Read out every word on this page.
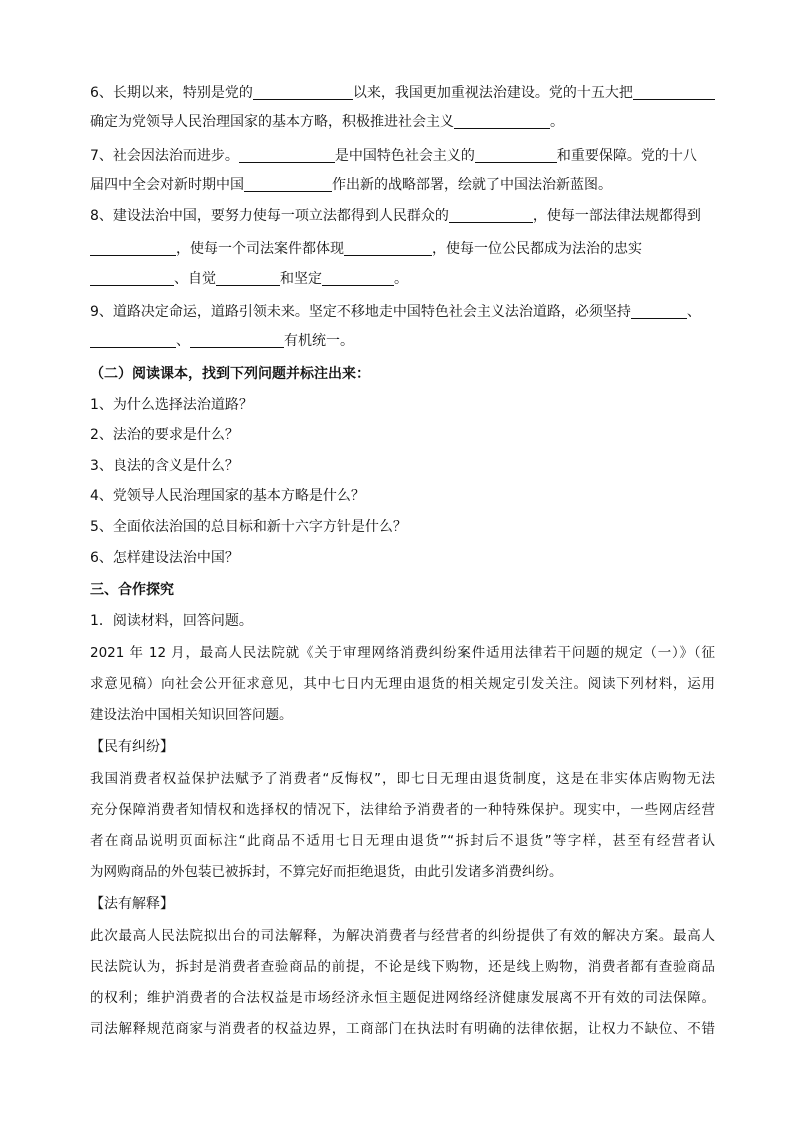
6、长期以来，特别是党的	以来，我国更加重视法治建设。党的十五大把
确定为党领导人民治理国家的基本方略，积极推进社会主义	。
7、社会因法治而进步。	是中国特色社会主义的	和重要保障。党的十八
届四中全会对新时期中国	作出新的战略部署，绘就了中国法治新蓝图。
8、建设法治中国，要努力使每一项立法都得到人民群众的	，使每一部法律法规都得到
，使每一个司法案件都体现	，使每一位公民都成为法治的忠实
、自觉	和坚定	。
9、道路决定命运，道路引领未来。坚定不移地走中国特色社会主义法治道路，必须坚持	、
、	有机统一。
（二）阅读课本，找到下列问题并标注出来：
1、为什么选择法治道路？
2、法治的要求是什么？
3、良法的含义是什么？
4、党领导人民治理国家的基本方略是什么？
5、全面依法治国的总目标和新十六字方针是什么？
6、怎样建设法治中国？
三、合作探究
1．阅读材料，回答问题。
2021 年 12 月，最高人民法院就《关于审理网络消费纠纷案件适用法律若干问题的规定（一）》（征
求意见稿）向社会公开征求意见，其中七日内无理由退货的相关规定引发关注。阅读下列材料，运用
建设法治中国相关知识回答问题。
【民有纠纷】
我国消费者权益保护法赋予了消费者“反悔权”，即七日无理由退货制度，这是在非实体店购物无法
充分保障消费者知情权和选择权的情况下，法律给予消费者的一种特殊保护。现实中，一些网店经营
者在商品说明页面标注“此商品不适用七日无理由退货”“拆封后不退货”等字样，甚至有经营者认
为网购商品的外包装已被拆封，不算完好而拒绝退货，由此引发诸多消费纠纷。
【法有解释】
此次最高人民法院拟出台的司法解释，为解决消费者与经营者的纠纷提供了有效的解决方案。最高人
民法院认为，拆封是消费者查验商品的前提，不论是线下购物，还是线上购物，消费者都有查验商品
的权利；维护消费者的合法权益是市场经济永恒主题促进网络经济健康发展离不开有效的司法保障。
司法解释规范商家与消费者的权益边界，工商部门在执法时有明确的法律依据，让权力不缺位、不错
